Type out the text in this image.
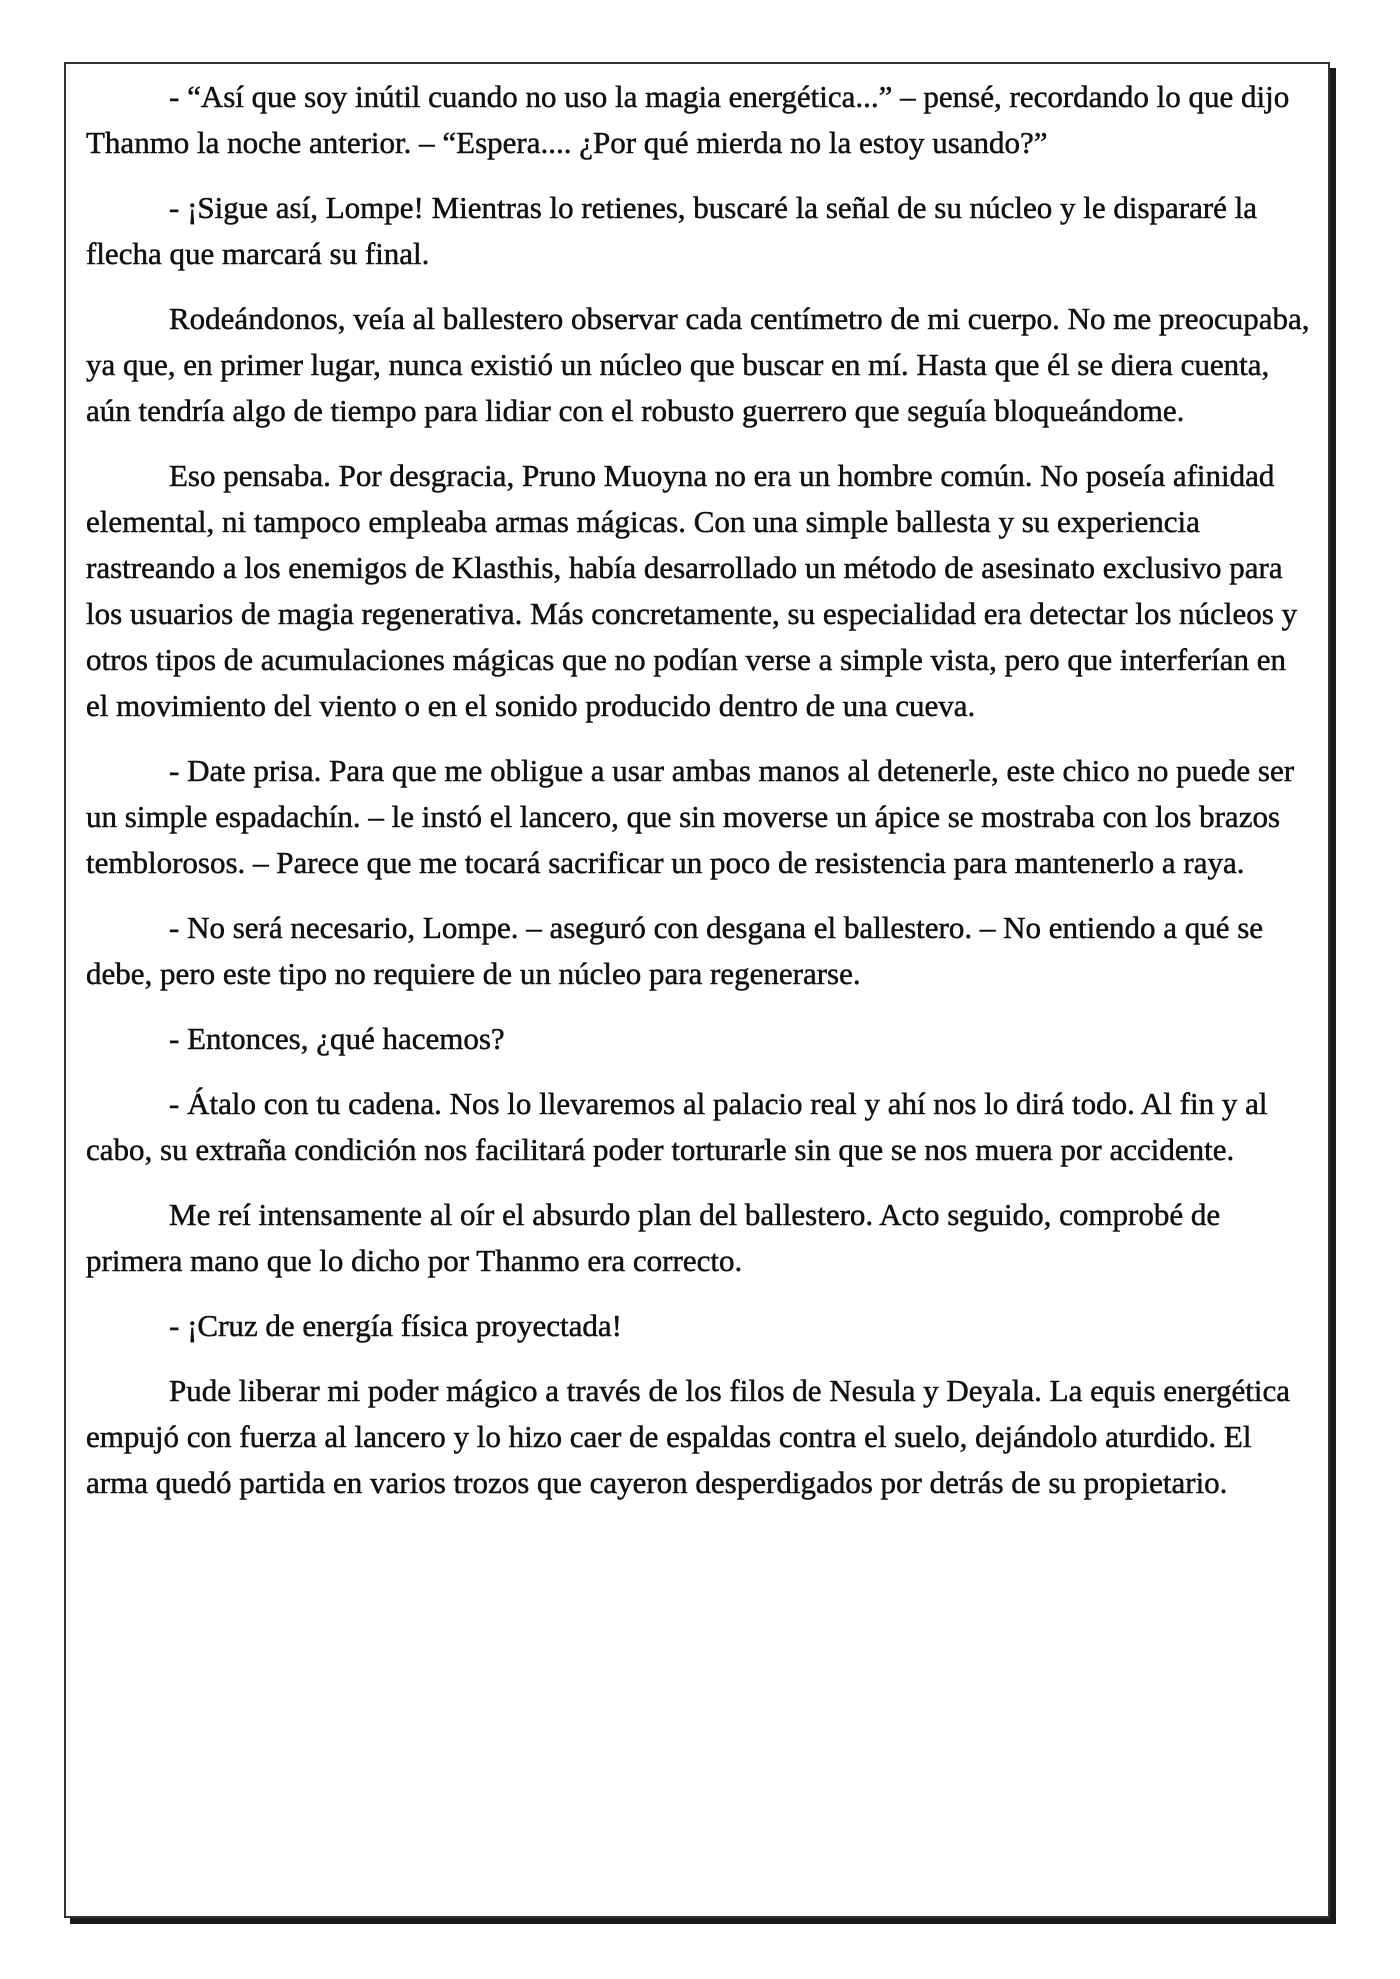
- “Así que soy inútil cuando no uso la magia energética...” – pensé, recordando lo que dijo Thanmo la noche anterior. – “Espera.... ¿Por qué mierda no la estoy usando?”

- ¡Sigue así, Lompe! Mientras lo retienes, buscaré la señal de su núcleo y le dispararé la flecha que marcará su final.

Rodeándonos, veía al ballestero observar cada centímetro de mi cuerpo. No me preocupaba, ya que, en primer lugar, nunca existió un núcleo que buscar en mí. Hasta que él se diera cuenta, aún tendría algo de tiempo para lidiar con el robusto guerrero que seguía bloqueándome.

Eso pensaba. Por desgracia, Pruno Muoyna no era un hombre común. No poseía afinidad elemental, ni tampoco empleaba armas mágicas. Con una simple ballesta y su experiencia rastreando a los enemigos de Klasthis, había desarrollado un método de asesinato exclusivo para los usuarios de magia regenerativa. Más concretamente, su especialidad era detectar los núcleos y otros tipos de acumulaciones mágicas que no podían verse a simple vista, pero que interferían en el movimiento del viento o en el sonido producido dentro de una cueva.

- Date prisa. Para que me obligue a usar ambas manos al detenerle, este chico no puede ser un simple espadachín. – le instó el lancero, que sin moverse un ápice se mostraba con los brazos temblorosos. – Parece que me tocará sacrificar un poco de resistencia para mantenerlo a raya.

- No será necesario, Lompe. – aseguró con desgana el ballestero. – No entiendo a qué se debe, pero este tipo no requiere de un núcleo para regenerarse.

- Entonces, ¿qué hacemos?

- Átalo con tu cadena. Nos lo llevaremos al palacio real y ahí nos lo dirá todo. Al fin y al cabo, su extraña condición nos facilitará poder torturarle sin que se nos muera por accidente.

Me reí intensamente al oír el absurdo plan del ballestero. Acto seguido, comprobé de primera mano que lo dicho por Thanmo era correcto.

- ¡Cruz de energía física proyectada!

Pude liberar mi poder mágico a través de los filos de Nesula y Deyala. La equis energética empujó con fuerza al lancero y lo hizo caer de espaldas contra el suelo, dejándolo aturdido. El arma quedó partida en varios trozos que cayeron desperdigados por detrás de su propietario.
